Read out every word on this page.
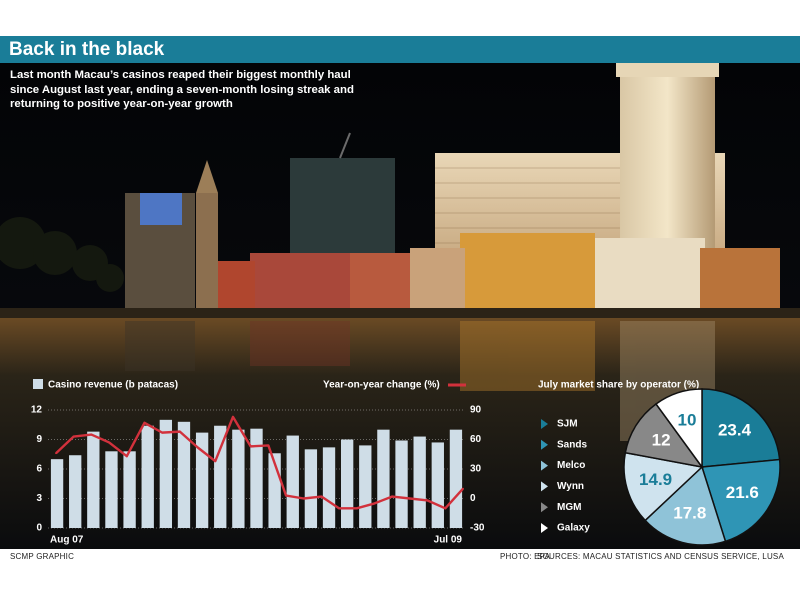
Back in the black
Last month Macau’s casinos reaped their biggest monthly haul
since August last year, ending a seven-month losing streak and
returning to positive year-on-year growth
Casino revenue (b patacas)	Year-on-year change (%)
0
3
6
9
12
-30
0
30
60
90
Aug 07	Jul 09
July market share by operator (%)
23.4
21.6
17.8
14.9
12
10
SJM
Sands
Melco
Wynn
MGM
Galaxy
SCMP GRAPHIC	PHOTO: EPA
SOURCES: MACAU STATISTICS AND CENSUS SERVICE, LUSA
